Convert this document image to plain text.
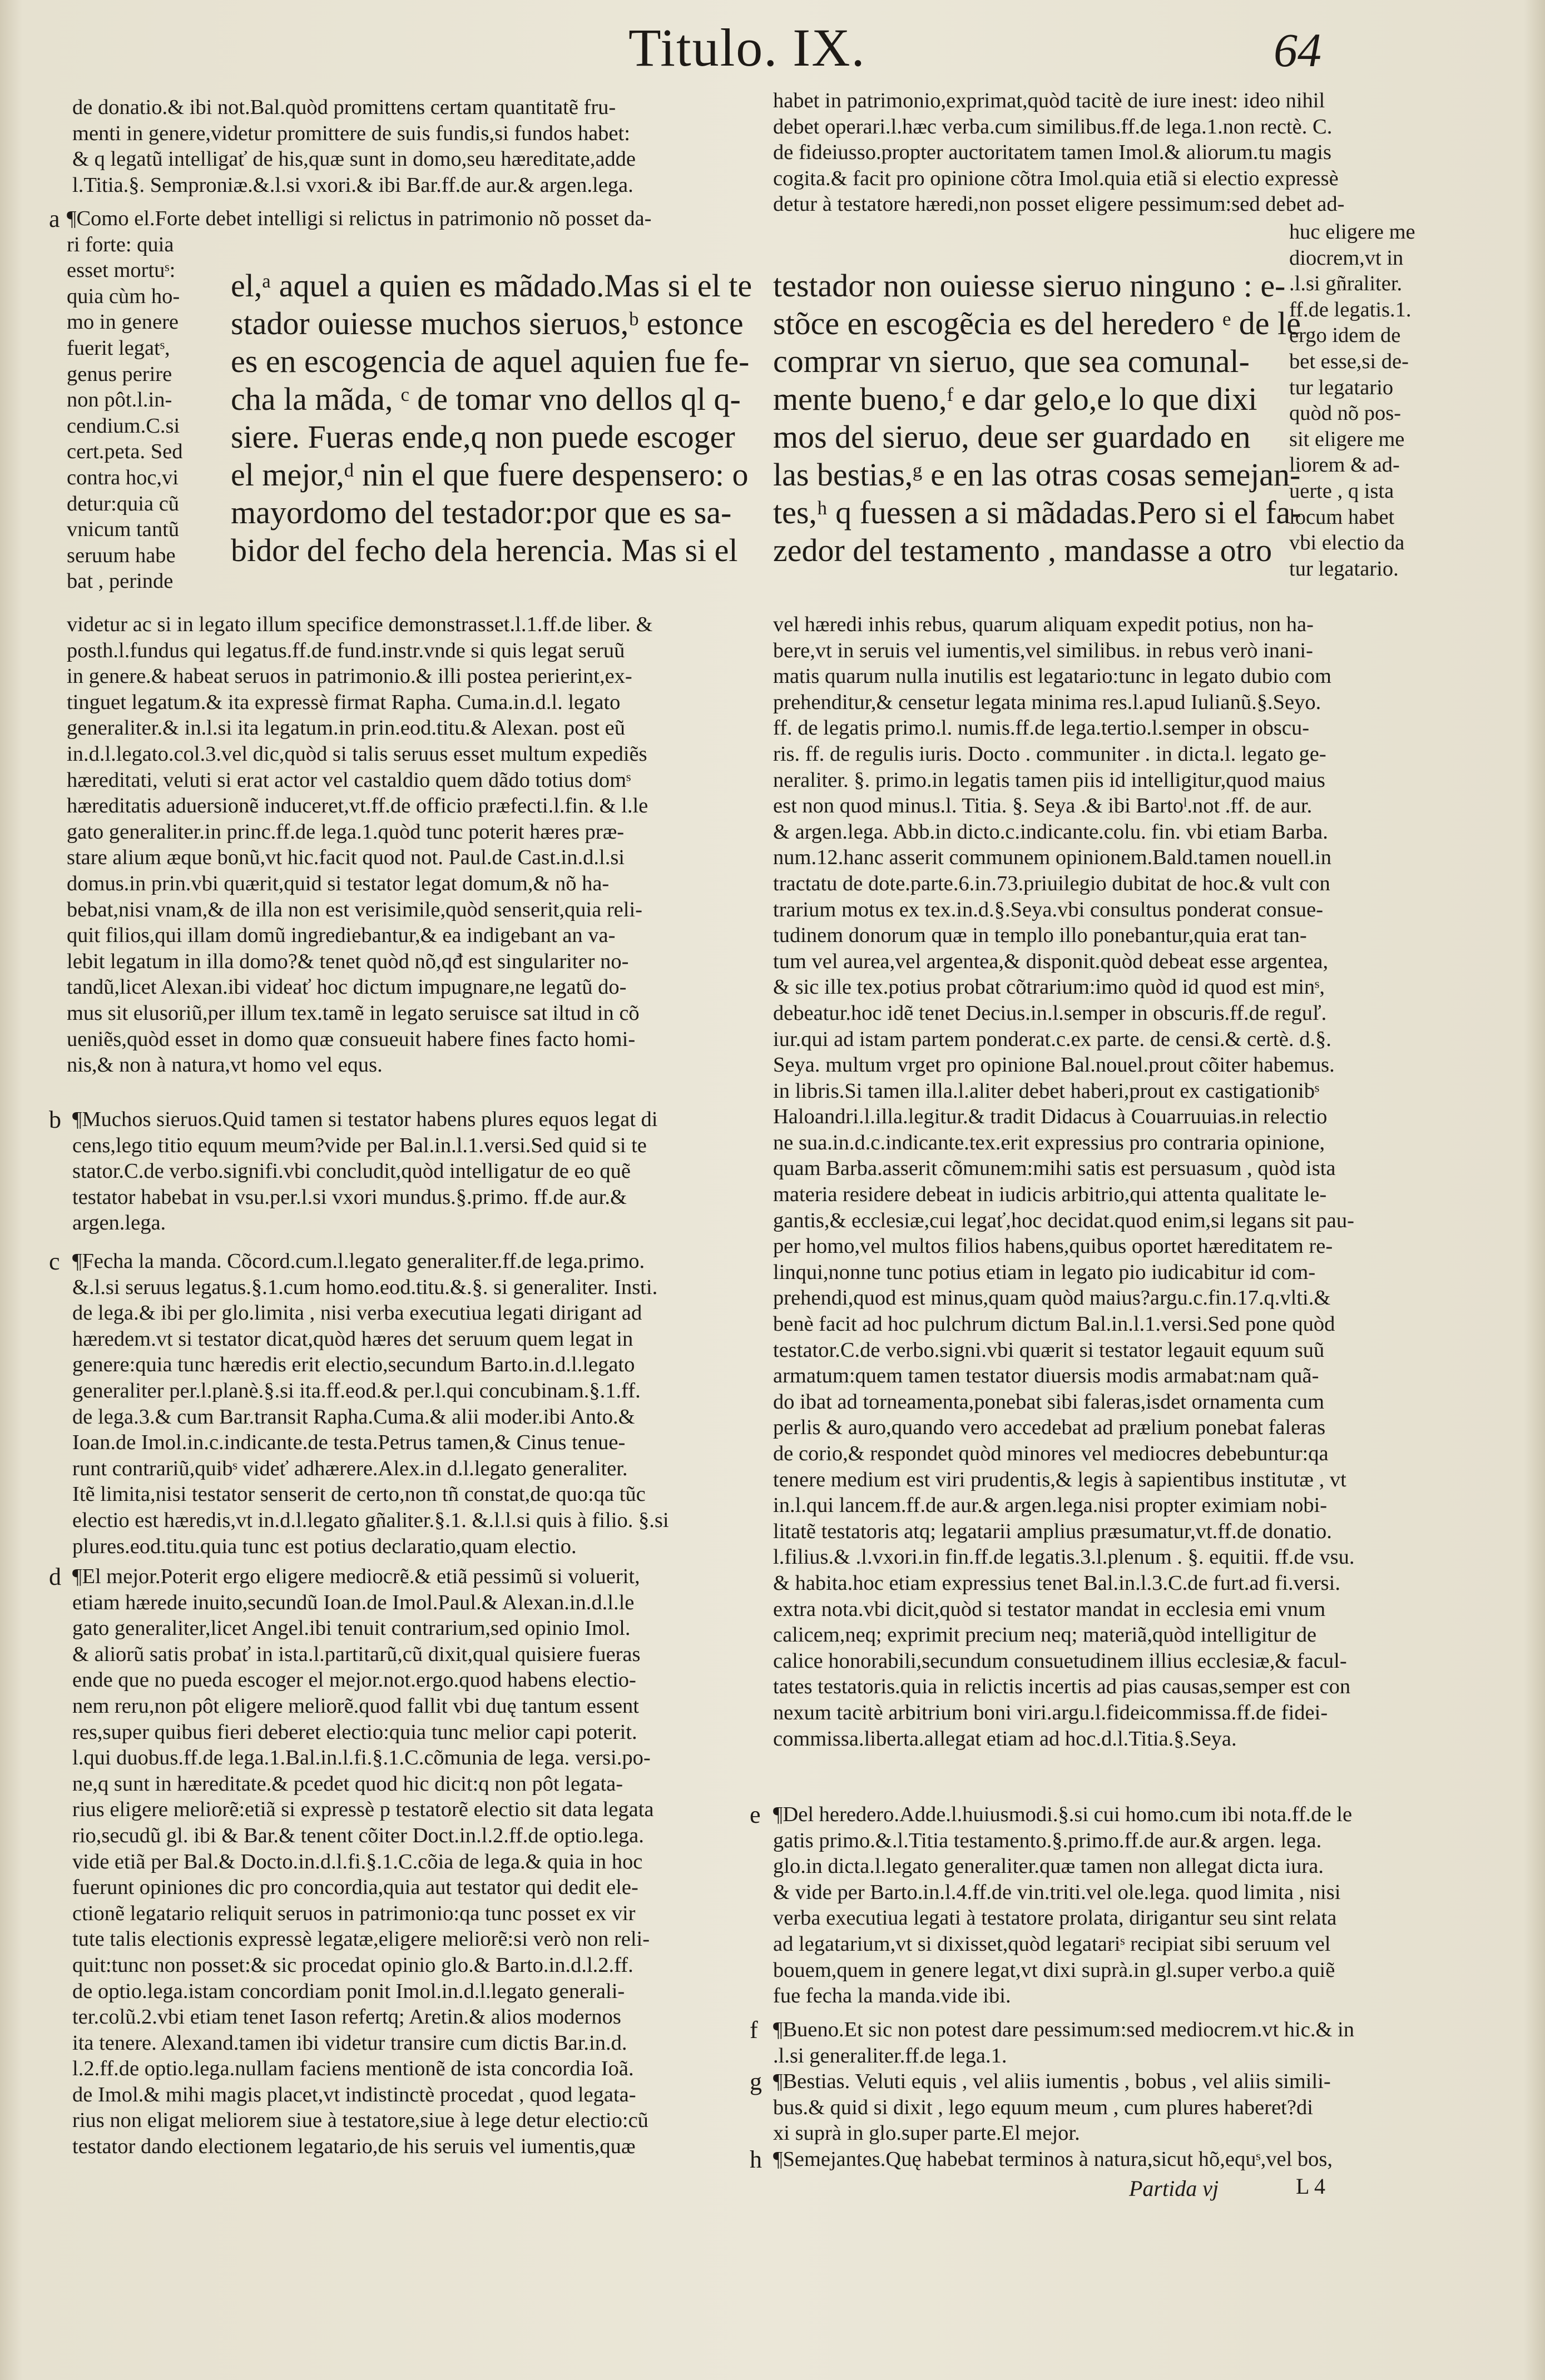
Titulo. IX.	64
de donatio.& ibi not.Bal.quòd promittens certam quantitatẽ fru-
menti in genere,videtur promittere de suis fundis,si fundos habet:
& q legatũ intelligať de his,quæ sunt in domo,seu hæreditate,adde
l.Titia.§. Semproniæ.&.l.si vxori.& ibi Bar.ff.de aur.& argen.lega.
a ¶Como el.Forte debet intelligi si relictus in patrimonio nõ posset da-
ri forte: quia
esset mortuˢ:
quia cùm ho-
mo in genere
fuerit legatˢ,
genus perire
non pôt.l.in-
cendium.C.si
cert.peta. Sed
contra hoc,vi
detur:quia cũ
vnicum tantũ
seruum habe
bat , perinde
habet in patrimonio,exprimat,quòd tacitè de iure inest: ideo nihil
debet operari.l.hæc verba.cum similibus.ff.de lega.1.non rectè. C.
de fideiusso.propter auctoritatem tamen Imol.& aliorum.tu magis
cogita.& facit pro opinione cõtra Imol.quia etiã si electio expressè
detur à testatore hæredi,non posset eligere pessimum:sed debet ad-
huc eligere me
diocrem,vt in
.l.si gñraliter.
ff.de legatis.1.
ergo idem de
bet esse,si de-
tur legatario
quòd nõ pos-
sit eligere me
liorem & ad-
uerte , q ista
locum habet
vbi electio da
tur legatario.
el,ᵃ aquel a quien es mãdado.Mas si el te
stador ouiesse muchos sieruos,ᵇ estonce
es en escogencia de aquel aquien fue fe-
cha la mãda, ᶜ de tomar vno dellos ql q-
siere. Fueras ende,q non puede escoger
el mejor,ᵈ nin el que fuere despensero: o
mayordomo del testador:por que es sa-
bidor del fecho dela herencia. Mas si el
testador non ouiesse sieruo ninguno : e-
stõce en escogẽcia es del heredero ᵉ de le
comprar vn sieruo, que sea comunal-
mente bueno,ᶠ e dar gelo,e lo que dixi
mos del sieruo, deue ser guardado en
las bestias,ᵍ e en las otras cosas semejan-
tes,ʰ q fuessen a si mãdadas.Pero si el fa-
zedor del testamento , mandasse a otro
videtur ac si in legato illum specifice demonstrasset.l.1.ff.de liber. &
posth.l.fundus qui legatus.ff.de fund.instr.vnde si quis legat seruũ
in genere.& habeat seruos in patrimonio.& illi postea perierint,ex-
tinguet legatum.& ita expressè firmat Rapha. Cuma.in.d.l. legato
generaliter.& in.l.si ita legatum.in prin.eod.titu.& Alexan. post eũ
in.d.l.legato.col.3.vel dic,quòd si talis seruus esset multum expediẽs
hæreditati, veluti si erat actor vel castaldio quem dãdo totius domˢ
hæreditatis aduersionẽ induceret,vt.ff.de officio præfecti.l.fin. & l.le
gato generaliter.in princ.ff.de lega.1.quòd tunc poterit hæres præ-
stare alium æque bonũ,vt hic.facit quod not. Paul.de Cast.in.d.l.si
domus.in prin.vbi quærit,quid si testator legat domum,& nõ ha-
bebat,nisi vnam,& de illa non est verisimile,quòd senserit,quia reli-
quit filios,qui illam domũ ingrediebantur,& ea indigebant an va-
lebit legatum in illa domo?& tenet quòd nõ,qđ est singulariter no-
tandũ,licet Alexan.ibi videať hoc dictum impugnare,ne legatũ do-
mus sit elusoriũ,per illum tex.tamẽ in legato seruisce sat iltud in cõ
ueniẽs,quòd esset in domo quæ consueuit habere fines facto homi-
nis,& non à natura,vt homo vel equs.
b ¶Muchos sieruos.Quid tamen si testator habens plures equos legat di
cens,lego titio equum meum?vide per Bal.in.l.1.versi.Sed quid si te
stator.C.de verbo.signifi.vbi concludit,quòd intelligatur de eo quẽ
testator habebat in vsu.per.l.si vxori mundus.§.primo. ff.de aur.&
argen.lega.
c ¶Fecha la manda. Cõcord.cum.l.legato generaliter.ff.de lega.primo.
&.l.si seruus legatus.§.1.cum homo.eod.titu.&.§. si generaliter. Insti.
de lega.& ibi per glo.limita , nisi verba executiua legati dirigant ad
hæredem.vt si testator dicat,quòd hæres det seruum quem legat in
genere:quia tunc hæredis erit electio,secundum Barto.in.d.l.legato
generaliter per.l.planè.§.si ita.ff.eod.& per.l.qui concubinam.§.1.ff.
de lega.3.& cum Bar.transit Rapha.Cuma.& alii moder.ibi Anto.&
Ioan.de Imol.in.c.indicante.de testa.Petrus tamen,& Cinus tenue-
runt contrariũ,quibˢ videť adhærere.Alex.in d.l.legato generaliter.
Itẽ limita,nisi testator senserit de certo,non tñ constat,de quo:qa tũc
electio est hæredis,vt in.d.l.legato gñaliter.§.1. &.l.l.si quis à filio. §.si
plures.eod.titu.quia tunc est potius declaratio,quam electio.
d ¶El mejor.Poterit ergo eligere mediocrẽ.& etiã pessimũ si voluerit,
etiam hærede inuito,secundũ Ioan.de Imol.Paul.& Alexan.in.d.l.le
gato generaliter,licet Angel.ibi tenuit contrarium,sed opinio Imol.
& aliorũ satis probať in ista.l.partitarũ,cũ dixit,qual quisiere fueras
ende que no pueda escoger el mejor.not.ergo.quod habens electio-
nem reru,non pôt eligere meliorẽ.quod fallit vbi duę tantum essent
res,super quibus fieri deberet electio:quia tunc melior capi poterit.
l.qui duobus.ff.de lega.1.Bal.in.l.fi.§.1.C.cõmunia de lega. versi.po-
ne,q sunt in hæreditate.& pcedet quod hic dicit:q non pôt legata-
rius eligere meliorẽ:etiã si expressè p testatorẽ electio sit data legata
rio,secudũ gl. ibi & Bar.& tenent cõiter Doct.in.l.2.ff.de optio.lega.
vide etiã per Bal.& Docto.in.d.l.fi.§.1.C.cõia de lega.& quia in hoc
fuerunt opiniones dic pro concordia,quia aut testator qui dedit ele-
ctionẽ legatario reliquit seruos in patrimonio:qa tunc posset ex vir
tute talis electionis expressè legatæ,eligere meliorẽ:si verò non reli-
quit:tunc non posset:& sic procedat opinio glo.& Barto.in.d.l.2.ff.
de optio.lega.istam concordiam ponit Imol.in.d.l.legato generali-
ter.colũ.2.vbi etiam tenet Iason refertq; Aretin.& alios modernos
ita tenere. Alexand.tamen ibi videtur transire cum dictis Bar.in.d.
l.2.ff.de optio.lega.nullam faciens mentionẽ de ista concordia Ioã.
de Imol.& mihi magis placet,vt indistinctè procedat , quod legata-
rius non eligat meliorem siue à testatore,siue à lege detur electio:cũ
testator dando electionem legatario,de his seruis vel iumentis,quæ
vel hæredi inhis rebus, quarum aliquam expedit potius, non ha-
bere,vt in seruis vel iumentis,vel similibus. in rebus verò inani-
matis quarum nulla inutilis est legatario:tunc in legato dubio com
prehenditur,& censetur legata minima res.l.apud Iulianũ.§.Seyo.
ff. de legatis primo.l. numis.ff.de lega.tertio.l.semper in obscu-
ris. ff. de regulis iuris. Docto . communiter . in dicta.l. legato ge-
neraliter. §. primo.in legatis tamen piis id intelligitur,quod maius
est non quod minus.l. Titia. §. Seya .& ibi Bartoˡ.not .ff. de aur.
& argen.lega. Abb.in dicto.c.indicante.colu. fin. vbi etiam Barba.
num.12.hanc asserit communem opinionem.Bald.tamen nouell.in
tractatu de dote.parte.6.in.73.priuilegio dubitat de hoc.& vult con
trarium motus ex tex.in.d.§.Seya.vbi consultus ponderat consue-
tudinem donorum quæ in templo illo ponebantur,quia erat tan-
tum vel aurea,vel argentea,& disponit.quòd debeat esse argentea,
& sic ille tex.potius probat cõtrarium:imo quòd id quod est minˢ,
debeatur.hoc idẽ tenet Decius.in.l.semper in obscuris.ff.de reguľ.
iur.qui ad istam partem ponderat.c.ex parte. de censi.& certè. d.§.
Seya. multum vrget pro opinione Bal.nouel.prout cõiter habemus.
in libris.Si tamen illa.l.aliter debet haberi,prout ex castigationibˢ
Haloandri.l.illa.legitur.& tradit Didacus à Couarruuias.in relectio
ne sua.in.d.c.indicante.tex.erit expressius pro contraria opinione,
quam Barba.asserit cõmunem:mihi satis est persuasum , quòd ista
materia residere debeat in iudicis arbitrio,qui attenta qualitate le-
gantis,& ecclesiæ,cui legať,hoc decidat.quod enim,si legans sit pau-
per homo,vel multos filios habens,quibus oportet hæreditatem re-
linqui,nonne tunc potius etiam in legato pio iudicabitur id com-
prehendi,quod est minus,quam quòd maius?argu.c.fin.17.q.vlti.&
benè facit ad hoc pulchrum dictum Bal.in.l.1.versi.Sed pone quòd
testator.C.de verbo.signi.vbi quærit si testator legauit equum suũ
armatum:quem tamen testator diuersis modis armabat:nam quã-
do ibat ad torneamenta,ponebat sibi faleras,isdet ornamenta cum
perlis & auro,quando vero accedebat ad prælium ponebat faleras
de corio,& respondet quòd minores vel mediocres debebuntur:qa
tenere medium est viri prudentis,& legis à sapientibus institutæ , vt
in.l.qui lancem.ff.de aur.& argen.lega.nisi propter eximiam nobi-
litatẽ testatoris atq; legatarii amplius præsumatur,vt.ff.de donatio.
l.filius.& .l.vxori.in fin.ff.de legatis.3.l.plenum . §. equitii. ff.de vsu.
& habita.hoc etiam expressius tenet Bal.in.l.3.C.de furt.ad fi.versi.
extra nota.vbi dicit,quòd si testator mandat in ecclesia emi vnum
calicem,neq; exprimit precium neq; materiã,quòd intelligitur de
calice honorabili,secundum consuetudinem illius ecclesiæ,& facul-
tates testatoris.quia in relictis incertis ad pias causas,semper est con
nexum tacitè arbitrium boni viri.argu.l.fideicommissa.ff.de fidei-
commissa.liberta.allegat etiam ad hoc.d.l.Titia.§.Seya.
e ¶Del heredero.Adde.l.huiusmodi.§.si cui homo.cum ibi nota.ff.de le
gatis primo.&.l.Titia testamento.§.primo.ff.de aur.& argen. lega.
glo.in dicta.l.legato generaliter.quæ tamen non allegat dicta iura.
& vide per Barto.in.l.4.ff.de vin.triti.vel ole.lega. quod limita , nisi
verba executiua legati à testatore prolata, dirigantur seu sint relata
ad legatarium,vt si dixisset,quòd legatariˢ recipiat sibi seruum vel
bouem,quem in genere legat,vt dixi suprà.in gl.super verbo.a quiẽ
fue fecha la manda.vide ibi.
f ¶Bueno.Et sic non potest dare pessimum:sed mediocrem.vt hic.& in
.l.si generaliter.ff.de lega.1.
g ¶Bestias. Veluti equis , vel aliis iumentis , bobus , vel aliis simili-
bus.& quid si dixit , lego equum meum , cum plures haberet?di
xi suprà in glo.super parte.El mejor.
h ¶Semejantes.Quę habebat terminos à natura,sicut hõ,equˢ,vel bos,
Partida vj	L 4
